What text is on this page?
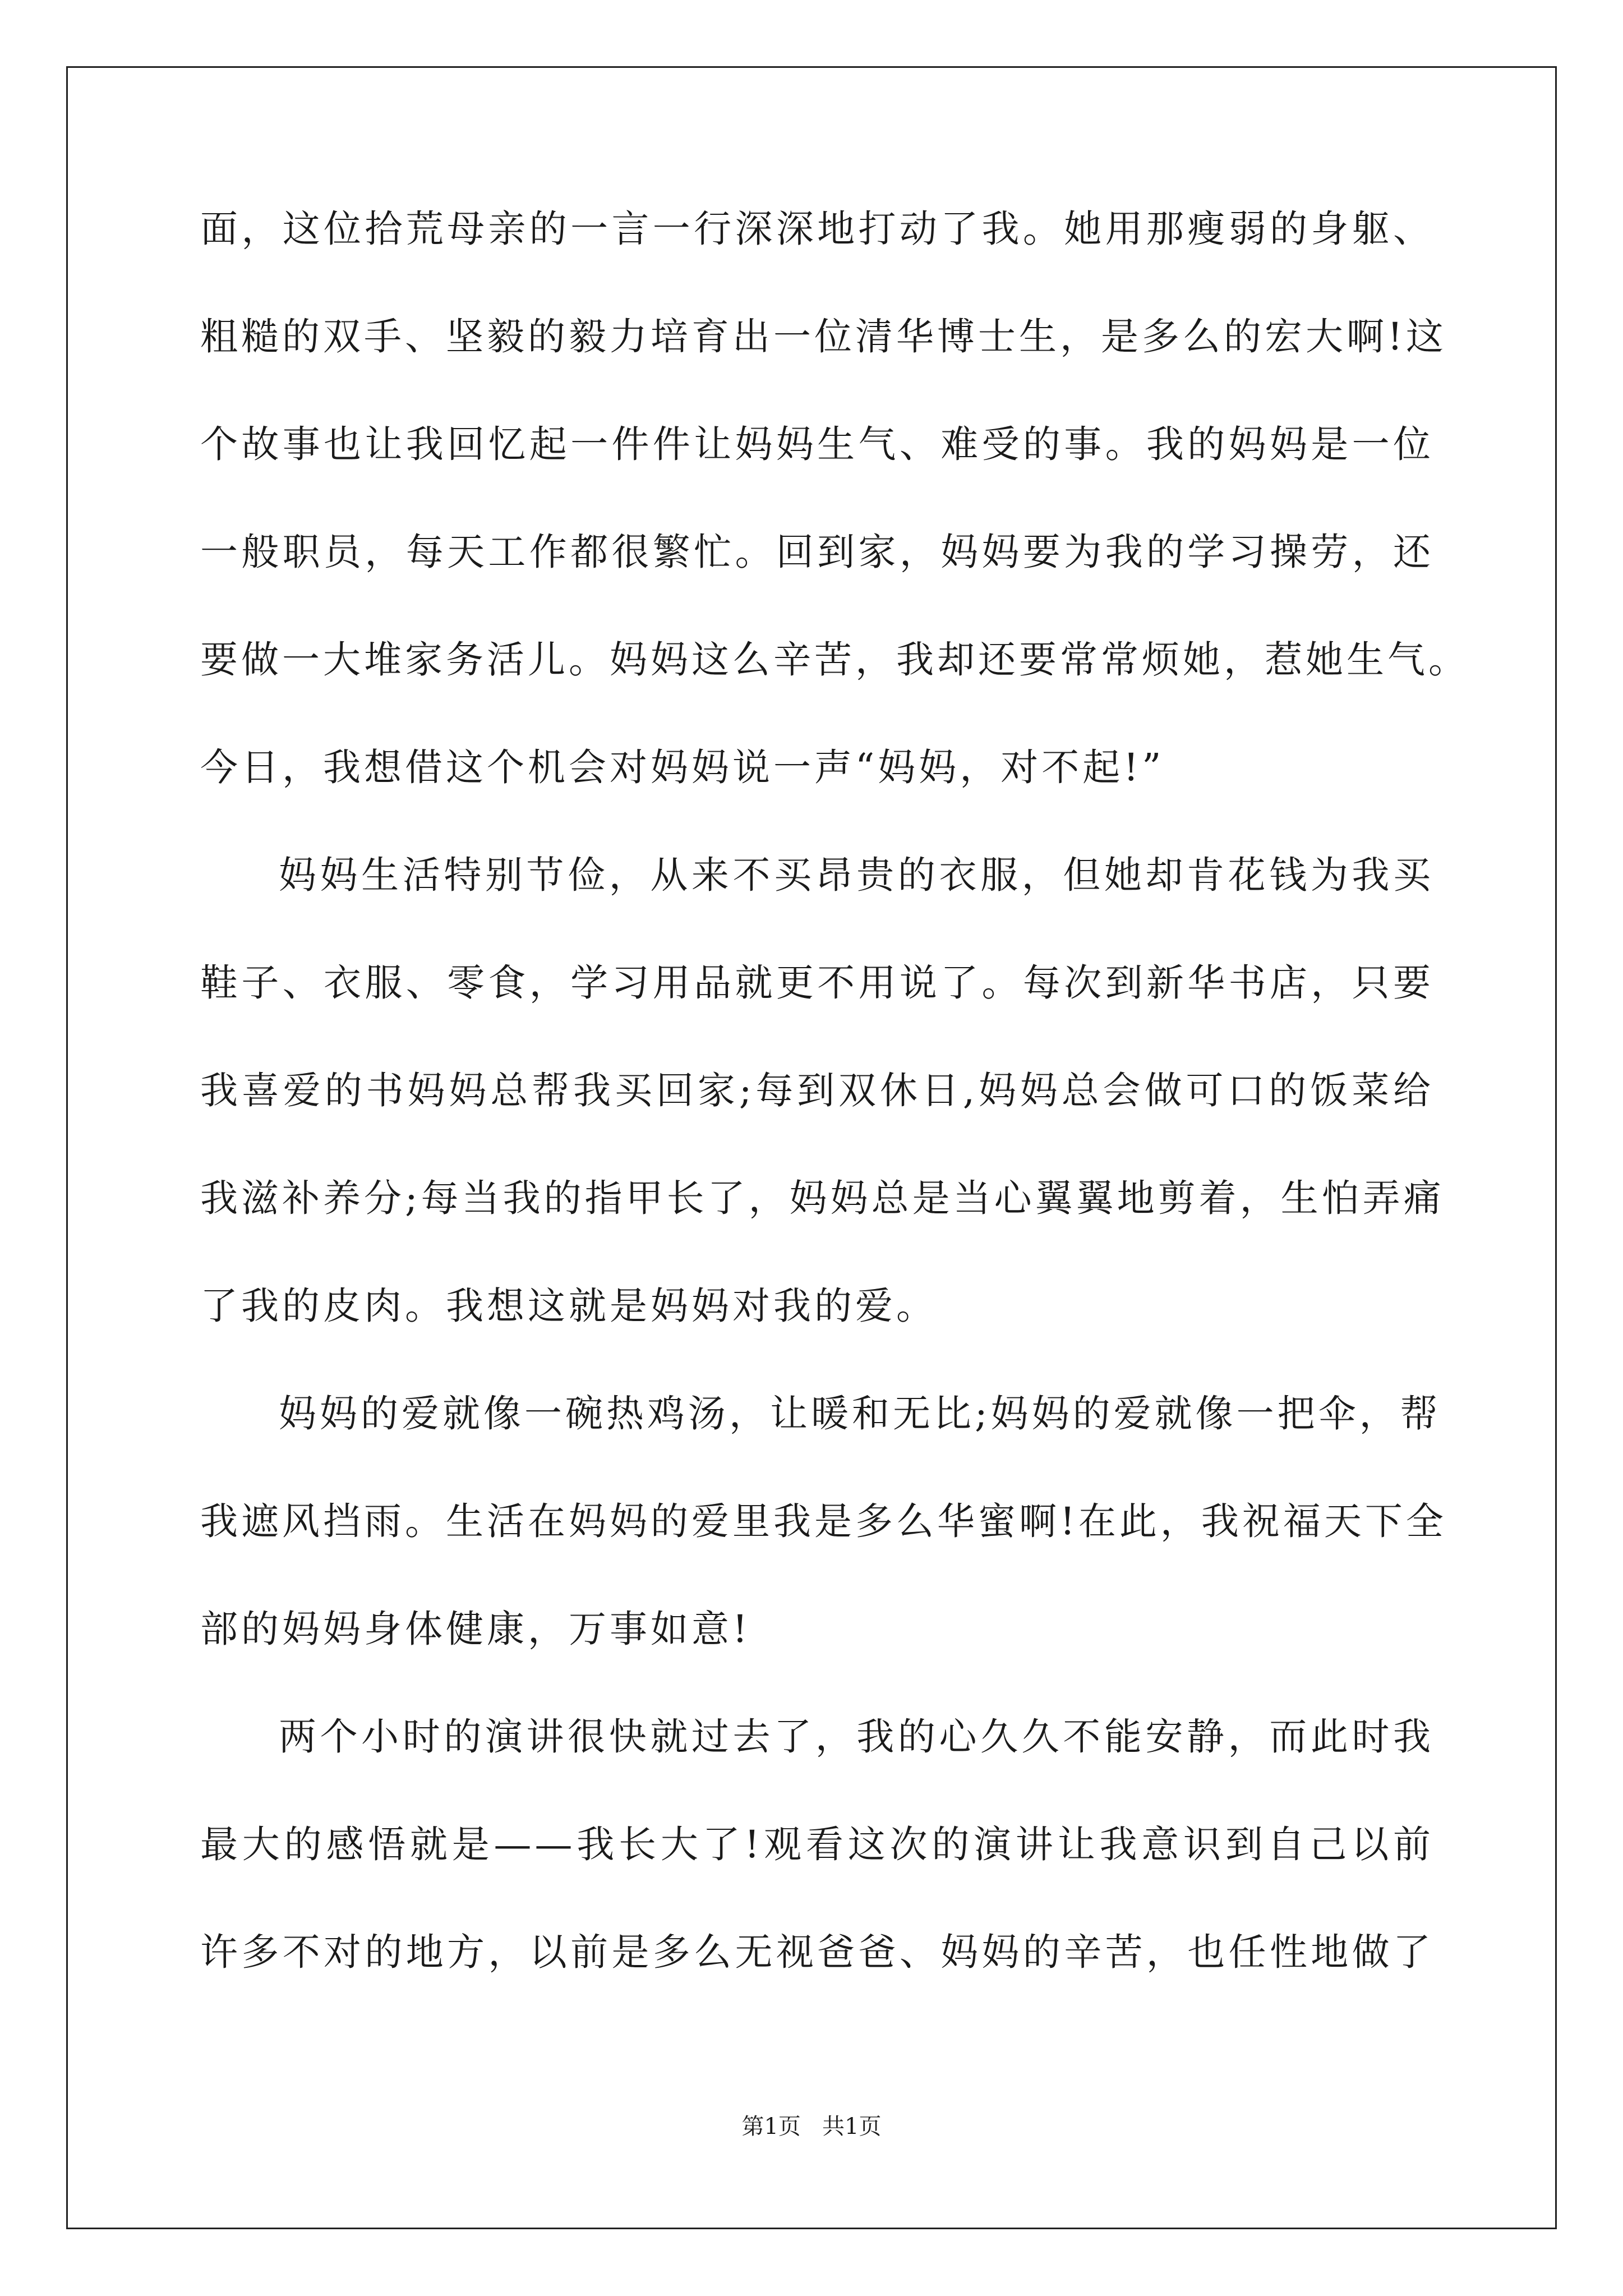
面，这位拾荒母亲的一言一行深深地打动了我。她用那瘦弱的身躯、
粗糙的双手、坚毅的毅力培育出一位清华博士生，是多么的宏大啊!这
个故事也让我回忆起一件件让妈妈生气、难受的事。我的妈妈是一位
一般职员，每天工作都很繁忙。回到家，妈妈要为我的学习操劳，还
要做一大堆家务活儿。妈妈这么辛苦，我却还要常常烦她，惹她生气。
今日，我想借这个机会对妈妈说一声“妈妈，对不起!”
妈妈生活特别节俭，从来不买昂贵的衣服，但她却肯花钱为我买
鞋子、衣服、零食，学习用品就更不用说了。每次到新华书店，只要
我喜爱的书妈妈总帮我买回家;每到双休日,妈妈总会做可口的饭菜给
我滋补养分;每当我的指甲长了，妈妈总是当心翼翼地剪着，生怕弄痛
了我的皮肉。我想这就是妈妈对我的爱。
妈妈的爱就像一碗热鸡汤，让暖和无比;妈妈的爱就像一把伞，帮
我遮风挡雨。生活在妈妈的爱里我是多么华蜜啊!在此，我祝福天下全
部的妈妈身体健康，万事如意!
两个小时的演讲很快就过去了，我的心久久不能安静，而此时我
最大的感悟就是——我长大了!观看这次的演讲让我意识到自己以前
许多不对的地方，以前是多么无视爸爸、妈妈的辛苦，也任性地做了
第1页   共1页
